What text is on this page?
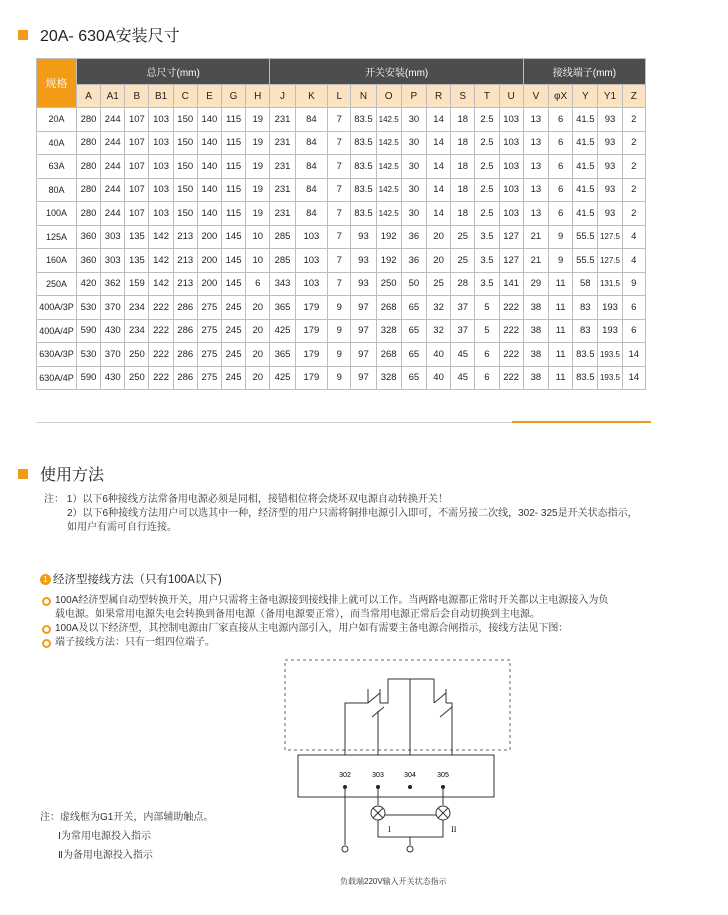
20A- 630A安装尺寸
规格	总尺寸(mm)								开关安装(mm)										接线端子(mm)				
	A	A1	B	B1	C	E	G	H	J	K	L	N	O	P	R	S	T	U	V	φX	Y	Y1	Z
20A	280	244	107	103	150	140	115	19	231	84	7	83.5	142.5	30	14	18	2.5	103	13	6	41.5	93	2
40A	280	244	107	103	150	140	115	19	231	84	7	83.5	142.5	30	14	18	2.5	103	13	6	41.5	93	2
63A	280	244	107	103	150	140	115	19	231	84	7	83.5	142.5	30	14	18	2.5	103	13	6	41.5	93	2
80A	280	244	107	103	150	140	115	19	231	84	7	83.5	142.5	30	14	18	2.5	103	13	6	41.5	93	2
100A	280	244	107	103	150	140	115	19	231	84	7	83.5	142.5	30	14	18	2.5	103	13	6	41.5	93	2
125A	360	303	135	142	213	200	145	10	285	103	7	93	192	36	20	25	3.5	127	21	9	55.5	127.5	4
160A	360	303	135	142	213	200	145	10	285	103	7	93	192	36	20	25	3.5	127	21	9	55.5	127.5	4
250A	420	362	159	142	213	200	145	6	343	103	7	93	250	50	25	28	3.5	141	29	11	58	131.5	9
400A/3P	530	370	234	222	286	275	245	20	365	179	9	97	268	65	32	37	5	222	38	11	83	193	6
400A/4P	590	430	234	222	286	275	245	20	425	179	9	97	328	65	32	37	5	222	38	11	83	193	6
630A/3P	530	370	250	222	286	275	245	20	365	179	9	97	268	65	40	45	6	222	38	11	83.5	193.5	14
630A/4P	590	430	250	222	286	275	245	20	425	179	9	97	328	65	40	45	6	222	38	11	83.5	193.5	14
使用方法
注： 1）以下6种接线方法常备用电源必须是同相，接错相位将会烧坏双电源自动转换开关！
2）以下6种接线方法用户可以选其中一种，经济型的用户只需将铜排电源引入即可，不需另接二次线，302- 325是开关状态指示，
如用户有需可自行连接。
1 经济型接线方法（只有100A以下)
100A经济型属自动型转换开关，用户只需将主备电源接到接线排上就可以工作。当两路电源都正常时开关都以主电源接入为负
载电源。如果常用电源失电会转换到备用电源（备用电源要正常），而当常用电源正常后会自动切换到主电源。
100A及以下经济型，其控制电源由厂家直接从主电源内部引入，用户如有需要主备电源合闸指示，接线方法见下图：
端子接线方法：只有一组四位端子。
302	303	304	305
I	II
注：虚线框为G1开关，内部辅助触点。
Ⅰ为常用电源投入指示
Ⅱ为备用电源投入指示
负载端220V输入开关状态指示
